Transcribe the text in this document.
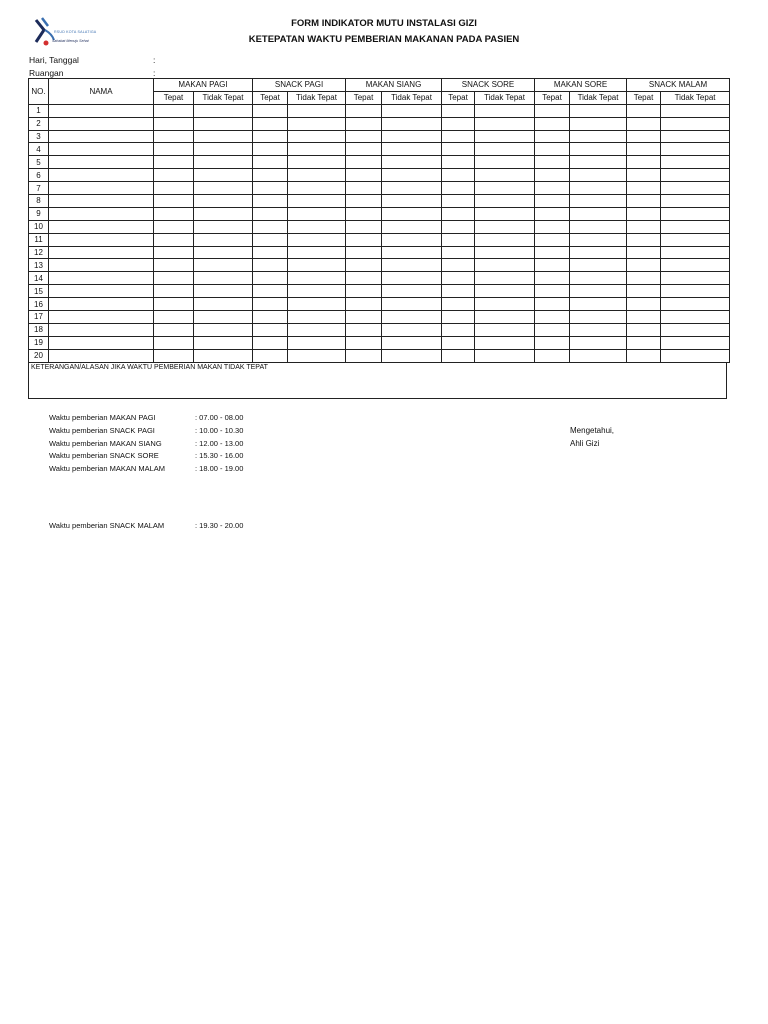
RSUD KOTA SALATIGA
Sahabat Menuju Sehat
FORM INDIKATOR MUTU INSTALASI GIZI
KETEPATAN WAKTU PEMBERIAN MAKANAN PADA PASIEN
Hari, Tanggal	:
Ruangan	:
NO.	NAMA	MAKAN PAGI		SNACK PAGI		MAKAN SIANG		SNACK SORE		MAKAN SORE		SNACK MALAM	
		Tepat	Tidak Tepat	Tepat	Tidak Tepat	Tepat	Tidak Tepat	Tepat	Tidak Tepat	Tepat	Tidak Tepat	Tepat	Tidak Tepat
1													
2													
3													
4													
5													
6													
7													
8													
9													
10													
11													
12													
13													
14													
15													
16													
17													
18													
19													
20													
KETERANGAN/ALASAN JIKA WAKTU PEMBERIAN MAKAN TIDAK TEPAT
Waktu pemberian MAKAN PAGI	: 07.00 - 08.00
Waktu pemberian SNACK PAGI	: 10.00 - 10.30
Waktu pemberian MAKAN SIANG	: 12.00 - 13.00
Waktu pemberian SNACK SORE	: 15.30 - 16.00
Waktu pemberian MAKAN MALAM	: 18.00 - 19.00
Waktu pemberian SNACK MALAM	: 19.30 - 20.00
Mengetahui,
Ahli Gizi
